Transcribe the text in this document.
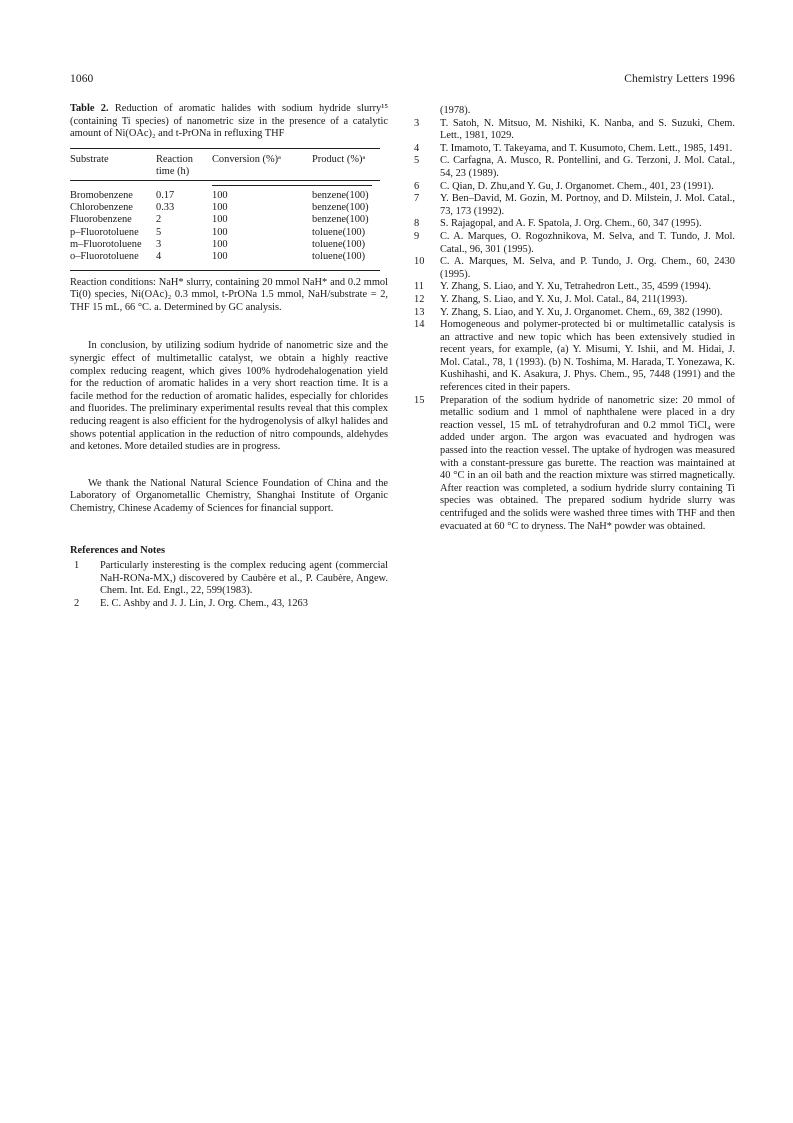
1060	Chemistry Letters 1996

Table 2. Reduction of aromatic halides with sodium hydride slurry¹⁵ (containing Ti species) of nanometric size in the presence of a catalytic amount of Ni(OAc)₂ and t-PrONa in refluxing THF

Substrate	Reaction time (h)	Conversion (%)ᵃ	Product (%)ᵃ

Bromobenzene	0.17	100	benzene(100)
Chlorobenzene	0.33	100	benzene(100)
Fluorobenzene	2	100	benzene(100)
p–Fluorotoluene	5	100	toluene(100)
m–Fluorotoluene	3	100	toluene(100)
o–Fluorotoluene	4	100	toluene(100)

Reaction conditions: NaH* slurry, containing 20 mmol NaH* and 0.2 mmol Ti(0) species, Ni(OAc)₂ 0.3 mmol, t-PrONa 1.5 mmol, NaH/substrate = 2, THF 15 mL, 66 °C. a. Determined by GC analysis.

In conclusion, by utilizing sodium hydride of nanometric size and the synergic effect of multimetallic catalyst, we obtain a highly reactive complex reducing reagent, which gives 100% hydrodehalogenation yield for the reduction of aromatic halides in a very short reaction time. It is a facile method for the reduction of aromatic halides, especially for chlorides and fluorides. The preliminary experimental results reveal that this complex reducing reagent is also efficient for the hydrogenolysis of alkyl halides and shows potential application in the reduction of nitro compounds, aldehydes and ketones. More detailed studies are in progress.

We thank the National Natural Science Foundation of China and the Laboratory of Organometallic Chemistry, Shanghai Institute of Organic Chemistry, Chinese Academy of Sciences for financial support.

References and Notes
1	Particularly insteresting is the complex reducing agent (commercial NaH-RONa-MX,) discovered by Caubère et al., P. Caubère, Angew. Chem. Int. Ed. Engl., 22, 599(1983).
2	E. C. Ashby and J. J. Lin, J. Org. Chem., 43, 1263
(1978).
3	T. Satoh, N. Mitsuo, M. Nishiki, K. Nanba, and S. Suzuki, Chem. Lett., 1981, 1029.
4	T. Imamoto, T. Takeyama, and T. Kusumoto, Chem. Lett., 1985, 1491.
5	C. Carfagna, A. Musco, R. Pontellini, and G. Terzoni, J. Mol. Catal., 54, 23 (1989).
6	C. Qian, D. Zhu,and Y. Gu, J. Organomet. Chem., 401, 23 (1991).
7	Y. Ben–David, M. Gozin, M. Portnoy, and D. Milstein, J. Mol. Catal., 73, 173 (1992).
8	S. Rajagopal, and A. F. Spatola, J. Org. Chem., 60, 347 (1995).
9	C. A. Marques, O. Rogozhnikova, M. Selva, and T. Tundo, J. Mol. Catal., 96, 301 (1995).
10	C. A. Marques, M. Selva, and P. Tundo, J. Org. Chem., 60, 2430 (1995).
11	Y. Zhang, S. Liao, and Y. Xu, Tetrahedron Lett., 35, 4599 (1994).
12	Y. Zhang, S. Liao, and Y. Xu, J. Mol. Catal., 84, 211(1993).
13	Y. Zhang, S. Liao, and Y. Xu, J. Organomet. Chem., 69, 382 (1990).
14	Homogeneous and polymer-protected bi or multimetallic catalysis is an attractive and new topic which has been extensively studied in recent years, for example, (a) Y. Misumi, Y. Ishii, and M. Hidai, J. Mol. Catal., 78, 1 (1993). (b) N. Toshima, M. Harada, T. Yonezawa, K. Kushihashi, and K. Asakura, J. Phys. Chem., 95, 7448 (1991) and the references cited in their papers.
15	Preparation of the sodium hydride of nanometric size: 20 mmol of metallic sodium and 1 mmol of naphthalene were placed in a dry reaction vessel, 15 mL of tetrahydrofuran and 0.2 mmol TiCl₄ were added under argon. The argon was evacuated and hydrogen was passed into the reaction vessel. The uptake of hydrogen was measured with a constant-pressure gas burette. The reaction was maintained at 40 °C in an oil bath and the reaction mixture was stirred magnetically. After reaction was completed, a sodium hydride slurry containing Ti species was obtained. The prepared sodium hydride slurry was centrifuged and the solids were washed three times with THF and then evacuated at 60 °C to dryness. The NaH* powder was obtained.
